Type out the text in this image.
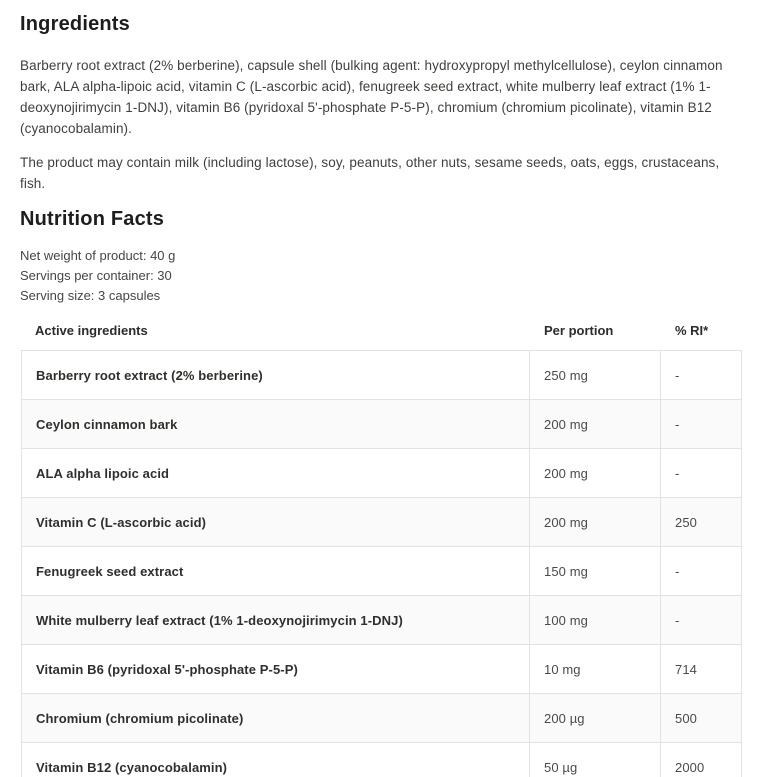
Ingredients

Barberry root extract (2% berberine), capsule shell (bulking agent: hydroxypropyl methylcellulose), ceylon cinnamon bark, ALA alpha-lipoic acid, vitamin C (L-ascorbic acid), fenugreek seed extract, white mulberry leaf extract (1% 1-deoxynojirimycin 1-DNJ), vitamin B6 (pyridoxal 5'-phosphate P-5-P), chromium (chromium picolinate), vitamin B12 (cyanocobalamin).

The product may contain milk (including lactose), soy, peanuts, other nuts, sesame seeds, oats, eggs, crustaceans, fish.

Nutrition Facts
Net weight of product: 40 g
Servings per container: 30
Serving size: 3 capsules
Active ingredients	Per portion	% RI*
Barberry root extract (2% berberine)	250 mg	-
Ceylon cinnamon bark	200 mg	-
ALA alpha lipoic acid	200 mg	-
Vitamin C (L-ascorbic acid)	200 mg	250
Fenugreek seed extract	150 mg	-
White mulberry leaf extract (1% 1-deoxynojirimycin 1-DNJ)	100 mg	-
Vitamin B6 (pyridoxal 5'-phosphate P-5-P)	10 mg	714
Chromium (chromium picolinate)	200 µg	500
Vitamin B12 (cyanocobalamin)	50 µg	2000
